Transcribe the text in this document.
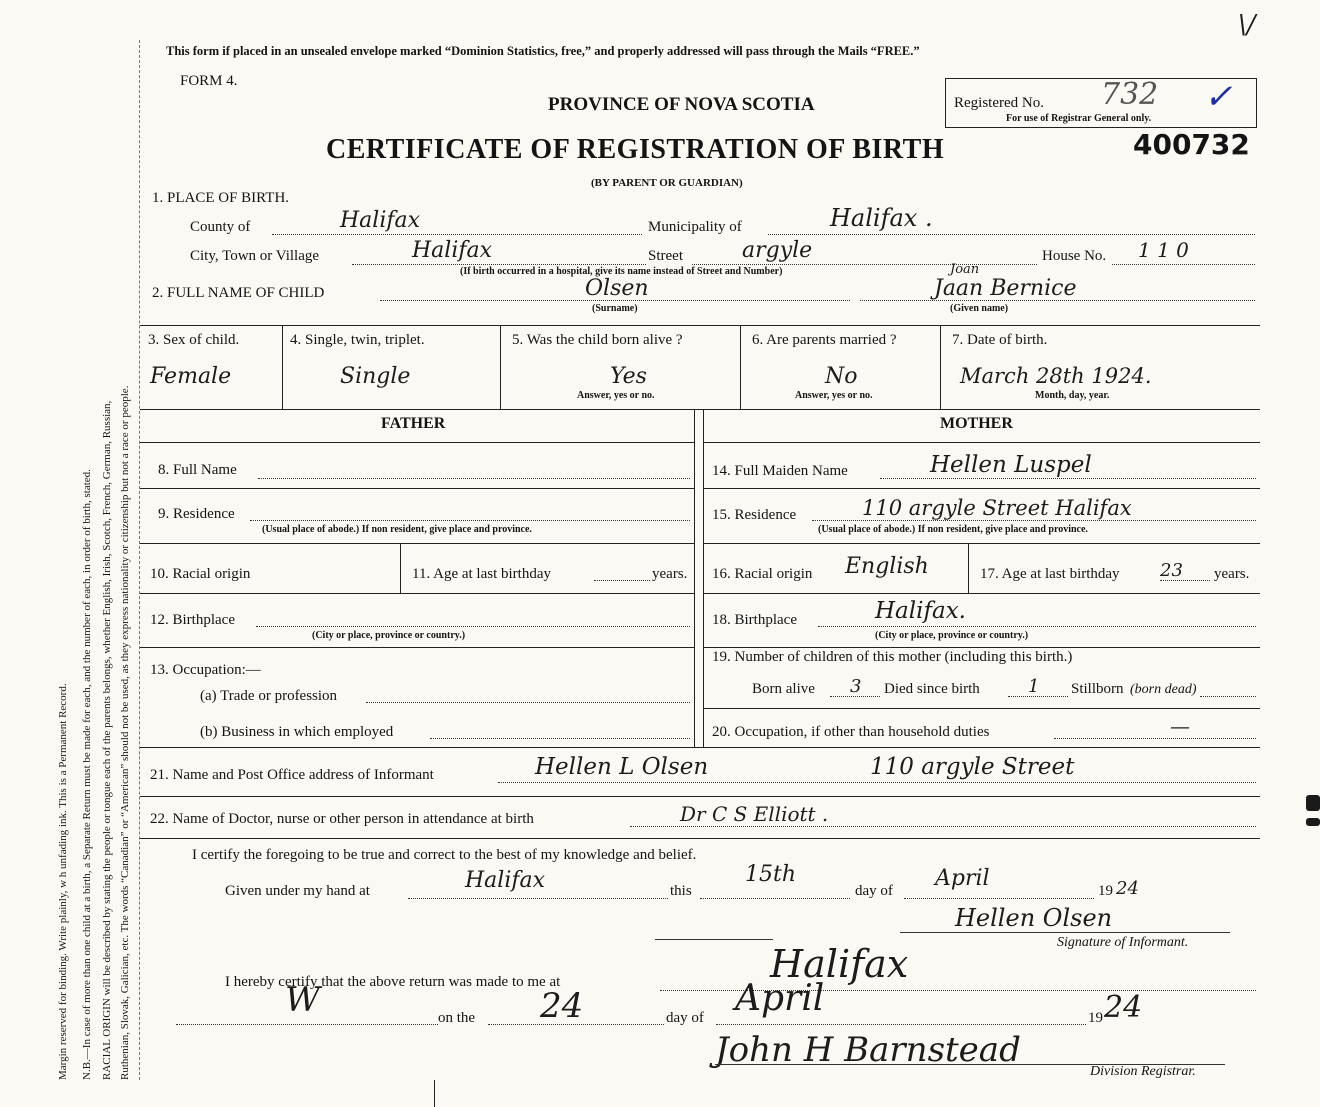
Margin reserved for binding. Write plainly, w h unfading ink. This is a Permanent Record. N.B.—In case of more than one child at a birth, a Separate Return must be made for each, and the number of each, in order of birth, stated. RACIAL ORIGIN will be described by stating the people or tongue each of the parents belongs, whether English, Irish, Scotch, French, German, Russian, Ruthenian, Slovak, Galician, etc. The words “Canadian” or “American” should not be used, as they express nationality or citizenship but not a race or people.
This form if placed in an unsealed envelope marked “Dominion Statistics, free,” and properly addressed will pass through the Mails “FREE.”
FORM 4.
\/
PROVINCE OF NOVA SCOTIA
CERTIFICATE OF REGISTRATION OF BIRTH
(BY PARENT OR GUARDIAN)
Registered No. 732
For use of Registrar General only.
✓
400732
1. PLACE OF BIRTH.
County of	Halifax	Municipality of	Halifax .
City, Town or Village	Halifax	Street	argyle	House No. 1 1 0
(If birth occurred in a hospital, give its name instead of Street and Number)
2. FULL NAME OF CHILD	Olsen
(Surname)
Joan
Jaan Bernice
(Given name)
3. Sex of child.
Female
4. Single, twin, triplet.
Single
5. Was the child born alive ?
Yes
Answer, yes or no.
6. Are parents married ?
No
Answer, yes or no.
7. Date of birth.
March 28th 1924.
Month, day, year.
FATHER	MOTHER
8. Full Name
9. Residence
(Usual place of abode.) If non resident, give place and province.
10. Racial origin	11. Age at last birthday	years.
12. Birthplace
(City or place, province or country.)
13. Occupation:—
(a) Trade or profession
(b) Business in which employed
14. Full Maiden Name	Hellen Luspel
15. Residence	110 argyle Street Halifax
(Usual place of abode.) If non resident, give place and province.
16. Racial origin English	17. Age at last birthday 23 years.
18. Birthplace	Halifax.
(City or place, province or country.)
19. Number of children of this mother (including this birth.)
Born alive 3 Died since birth	1 Stillborn (born dead)
20. Occupation, if other than household duties	—
21. Name and Post Office address of Informant	Hellen L Olsen	110 argyle Street
22. Name of Doctor, nurse or other person in attendance at birth	Dr C S Elliott .
I certify the foregoing to be true and correct to the best of my knowledge and belief.
Given under my hand at	Halifax	this
15th
day of April	19 24
Hellen Olsen
Signature of Informant.
I hereby certify that the above return was made to me at	Halifax
W	on the 24	day of April	19 24
John H Barnstead
Division Registrar.
